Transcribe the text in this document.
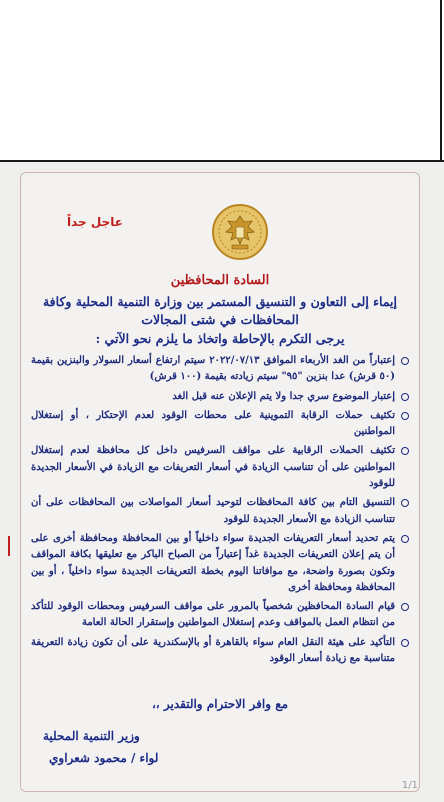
عاجل جداً
السادة المحافظين
إيماء إلى التعاون و التنسيق المستمر بين وزارة التنمية المحلية وكافة المحافظات في شتى المجالات
يرجى التكرم بالإحاطة واتخاذ ما يلزم نحو الآتي :
إعتباراً من الغد الأربعاء الموافق ٢٠٢٢/٠٧/١٣ سيتم ارتفاع أسعار السولار والبنزين بقيمة (٥٠ قرش) عدا بنزين "٩٥" سيتم زيادته بقيمة (١٠٠ قرش)
إعتبار الموضوع سري جدا ولا يتم الإعلان عنه قبل الغد
تكثيف حملات الرقابة التموينية على محطات الوقود لعدم الإحتكار ، أو إستغلال المواطنين
تكثيف الحملات الرقابية على مواقف السرفيس داخل كل محافظة لعدم إستغلال المواطنين على أن تتناسب الزيادة في أسعار التعريفات مع الزيادة في الأسعار الجديدة للوقود
التنسيق التام بين كافة المحافظات لتوحيد أسعار المواصلات بين المحافظات على أن تتناسب الزيادة مع الأسعار الجديدة للوقود
يتم تحديد أسعار التعريفات الجديدة سواء داخلياً أو بين المحافظة ومحافظة أخرى على أن يتم إعلان التعريفات الجديدة غداً إعتباراً من الصباح الباكر مع تعليقها بكافة المواقف وتكون بصورة واضحة، مع موافاتنا اليوم بخطة التعريفات الجديدة سواء داخلياً ، أو بين المحافظة ومحافظة أخرى
قيام السادة المحافظين شخصياً بالمرور على مواقف السرفيس ومحطات الوقود للتأكد من انتظام العمل بالمواقف وعدم إستغلال المواطنين وإستقرار الحالة العامة
التأكيد على هيئة النقل العام سواء بالقاهرة أو بالإسكندرية على أن تكون زيادة التعريفة متناسبة مع زيادة أسعار الوقود
مع وافر الاحترام والتقدير ،،
وزير التنمية المحلية
لواء / محمود شعراوي
1/1
